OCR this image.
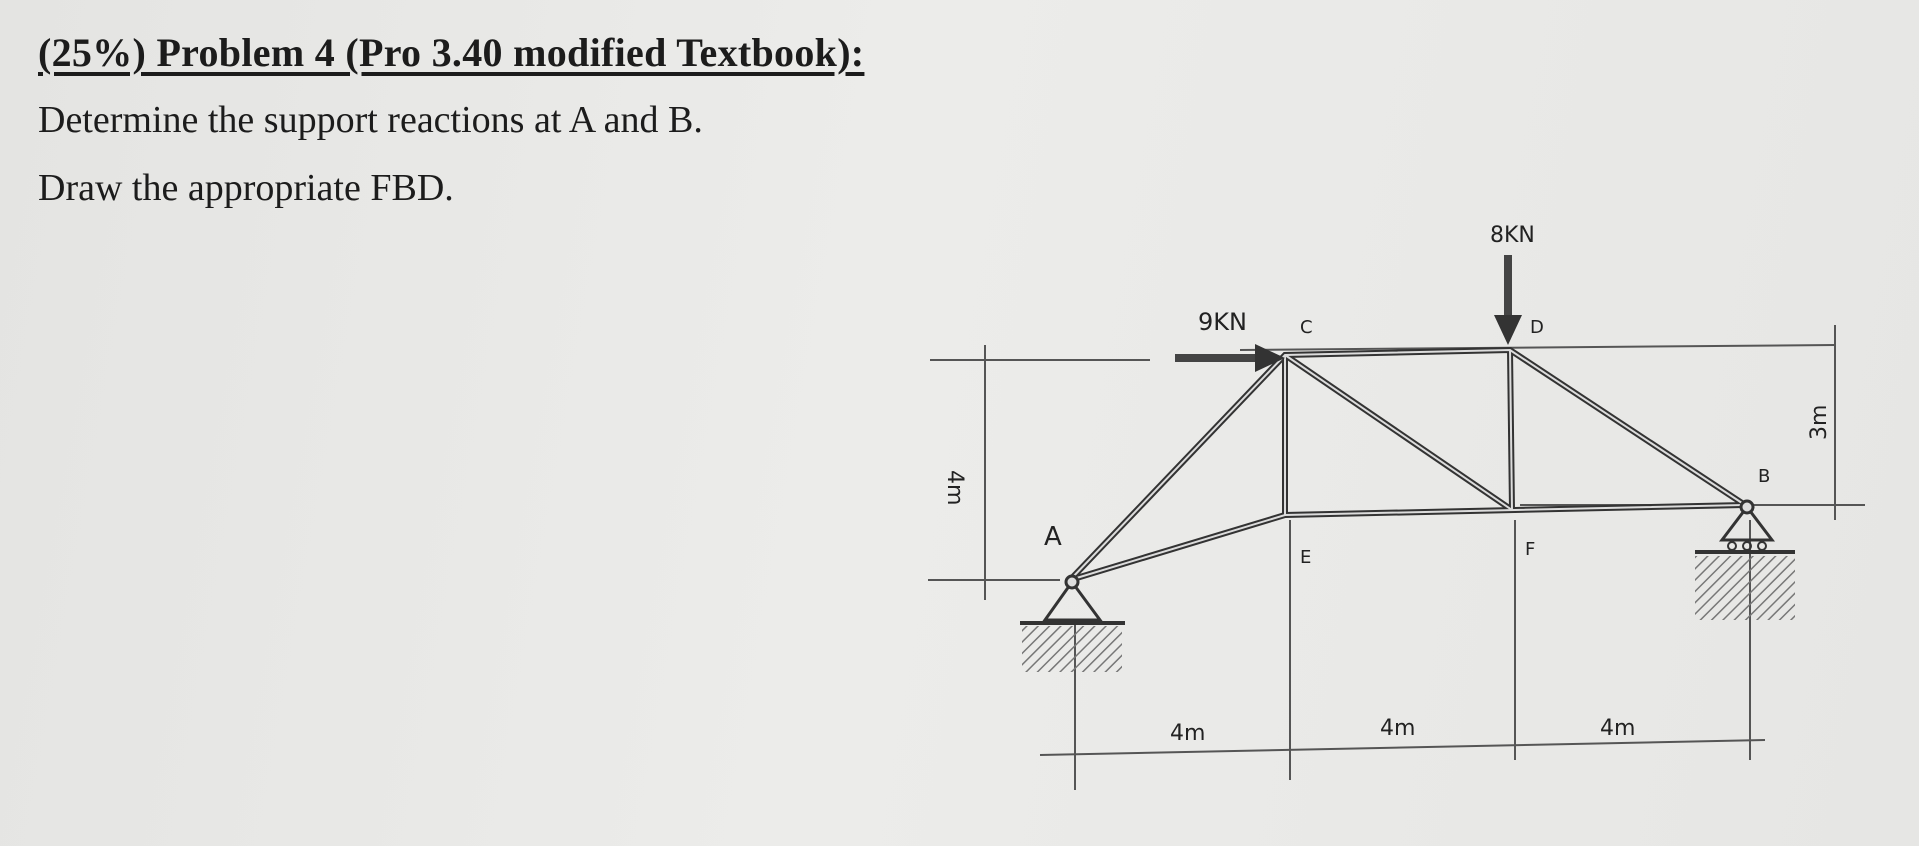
(25%) Problem 4 (Pro 3.40 modified Textbook):
Determine the support reactions at A and B.
Draw the appropriate FBD.
9KN
8KN
A
B
C	D
E	F
4m
3m
4m	4m	4m
